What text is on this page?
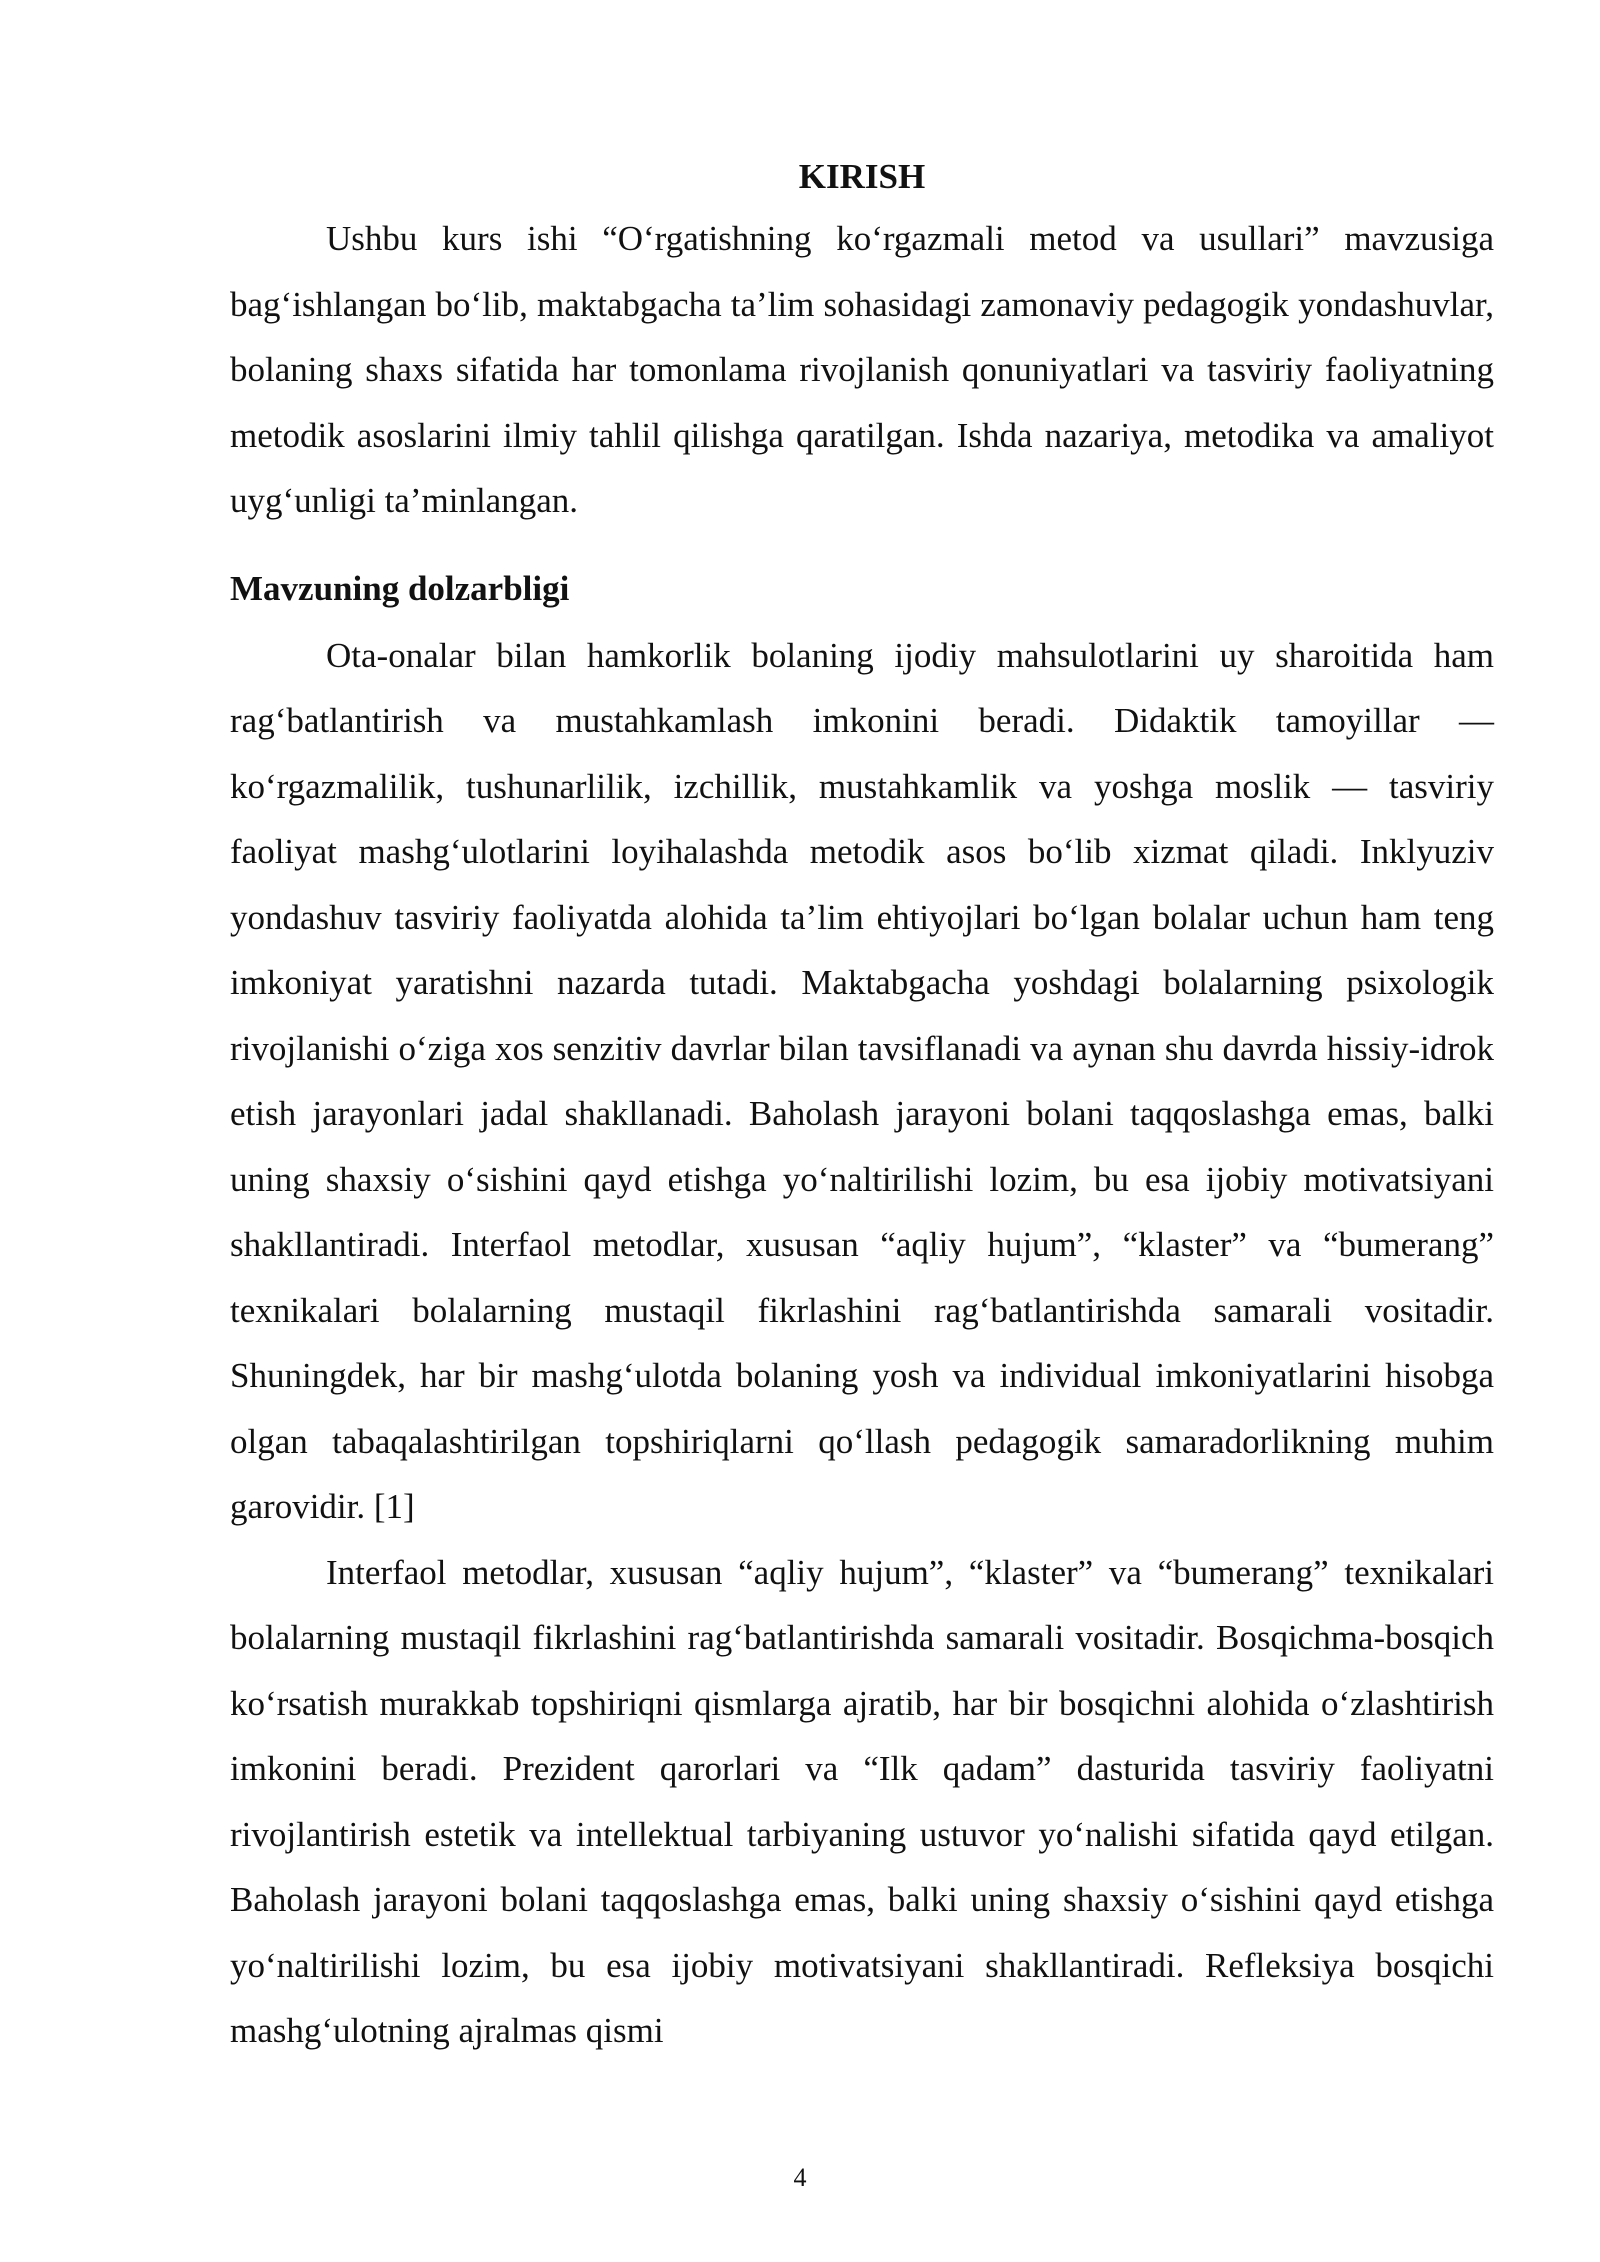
KIRISH

Ushbu kurs ishi “O‘rgatishning ko‘rgazmali metod va usullari” mavzusiga bag‘ishlangan bo‘lib, maktabgacha ta’lim sohasidagi zamonaviy pedagogik yondashuvlar, bolaning shaxs sifatida har tomonlama rivojlanish qonuniyatlari va tasviriy faoliyatning metodik asoslarini ilmiy tahlil qilishga qaratilgan. Ishda nazariya, metodika va amaliyot uyg‘unligi ta’minlangan.

Mavzuning dolzarbligi

Ota-onalar bilan hamkorlik bolaning ijodiy mahsulotlarini uy sharoitida ham rag‘batlantirish va mustahkamlash imkonini beradi. Didaktik tamoyillar — ko‘rgazmalilik, tushunarlilik, izchillik, mustahkamlik va yoshga moslik — tasviriy faoliyat mashg‘ulotlarini loyihalashda metodik asos bo‘lib xizmat qiladi. Inklyuziv yondashuv tasviriy faoliyatda alohida ta’lim ehtiyojlari bo‘lgan bolalar uchun ham teng imkoniyat yaratishni nazarda tutadi. Maktabgacha yoshdagi bolalarning psixologik rivojlanishi o‘ziga xos senzitiv davrlar bilan tavsiflanadi va aynan shu davrda hissiy-idrok etish jarayonlari jadal shakllanadi. Baholash jarayoni bolani taqqoslashga emas, balki uning shaxsiy o‘sishini qayd etishga yo‘naltirilishi lozim, bu esa ijobiy motivatsiyani shakllantiradi. Interfaol metodlar, xususan “aqliy hujum”, “klaster” va “bumerang” texnikalari bolalarning mustaqil fikrlashini rag‘batlantirishda samarali vositadir. Shuningdek, har bir mashg‘ulotda bolaning yosh va individual imkoniyatlarini hisobga olgan tabaqalashtirilgan topshiriqlarni qo‘llash pedagogik samaradorlikning muhim garovidir. [1]

Interfaol metodlar, xususan “aqliy hujum”, “klaster” va “bumerang” texnikalari bolalarning mustaqil fikrlashini rag‘batlantirishda samarali vositadir. Bosqichma-bosqich ko‘rsatish murakkab topshiriqni qismlarga ajratib, har bir bosqichni alohida o‘zlashtirish imkonini beradi. Prezident qarorlari va “Ilk qadam” dasturida tasviriy faoliyatni rivojlantirish estetik va intellektual tarbiyaning ustuvor yo‘nalishi sifatida qayd etilgan. Baholash jarayoni bolani taqqoslashga emas, balki uning shaxsiy o‘sishini qayd etishga yo‘naltirilishi lozim, bu esa ijobiy motivatsiyani shakllantiradi. Refleksiya bosqichi mashg‘ulotning ajralmas qismi

4
